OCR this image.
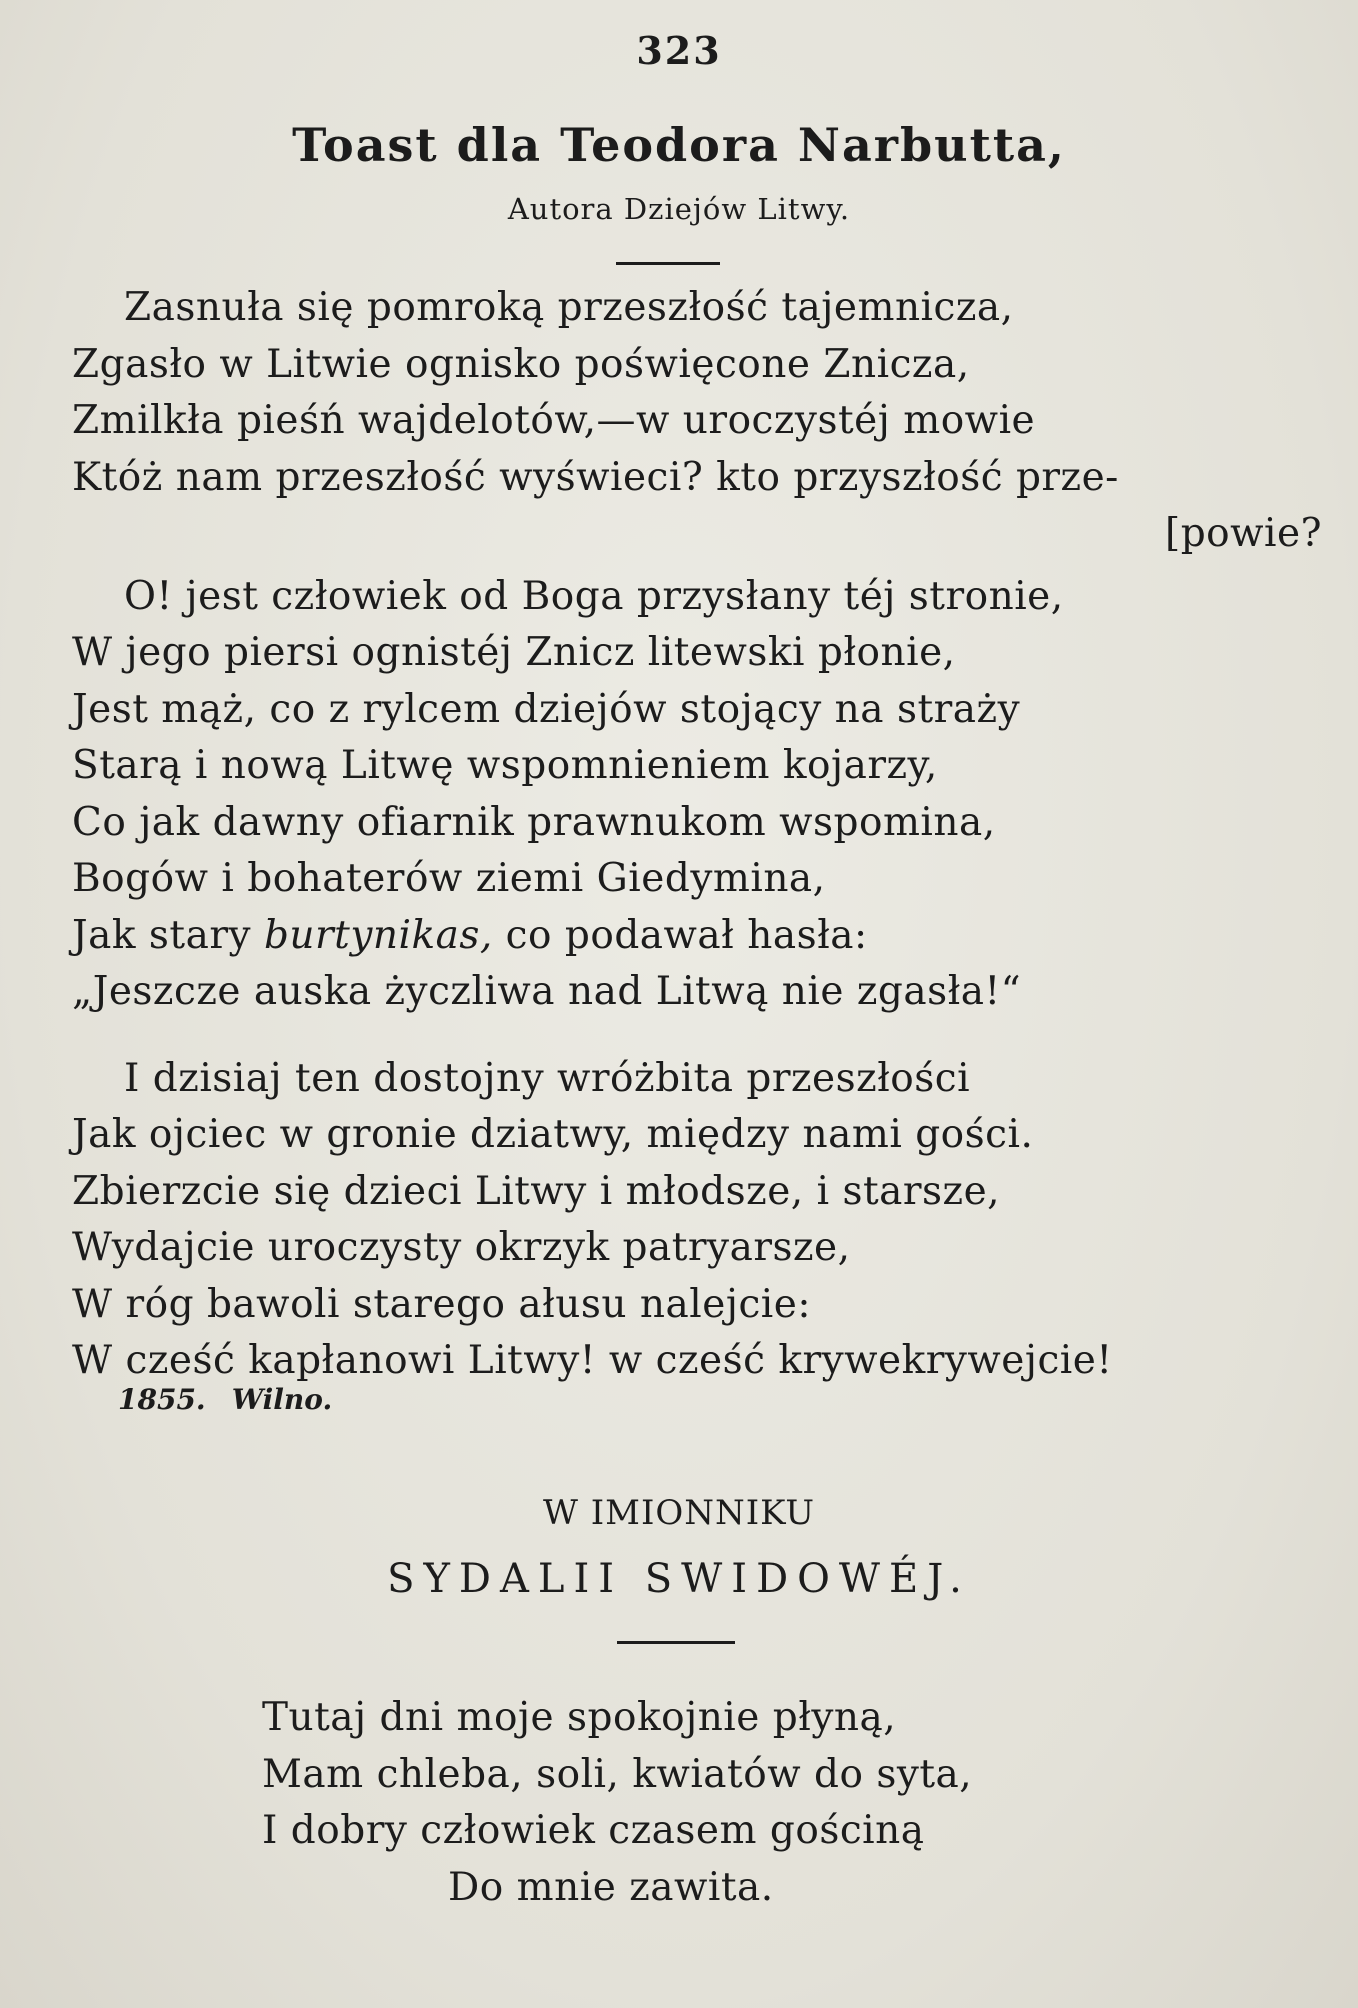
323
Toast dla Teodora Narbutta,
Autora Dziejów Litwy.
Zasnuła się pomroką przeszłość tajemnicza,
Zgasło w Litwie ognisko poświęcone Znicza,
Zmilkła pieśń wajdelotów,—w uroczystéj mowie
Któż nam przeszłość wyświeci? kto przyszłość prze-
[powie?
O! jest człowiek od Boga przysłany téj stronie,
W jego piersi ognistéj Znicz litewski płonie,
Jest mąż, co z rylcem dziejów stojący na straży
Starą i nową Litwę wspomnieniem kojarzy,
Co jak dawny ofiarnik prawnukom wspomina,
Bogów i bohaterów ziemi Giedymina,
Jak stary burtynikas, co podawał hasła:
„Jeszcze auska życzliwa nad Litwą nie zgasła!“
I dzisiaj ten dostojny wróżbita przeszłości
Jak ojciec w gronie dziatwy, między nami gości.
Zbierzcie się dzieci Litwy i młodsze, i starsze,
Wydajcie uroczysty okrzyk patryarsze,
W róg bawoli starego ałusu nalejcie:
W cześć kapłanowi Litwy! w cześć krywekrywejcie!
1855. Wilno.
W IMIONNIKU
SYDALII SWIDOWÉJ.
Tutaj dni moje spokojnie płyną,
Mam chleba, soli, kwiatów do syta,
I dobry człowiek czasem gościną
Do mnie zawita.
